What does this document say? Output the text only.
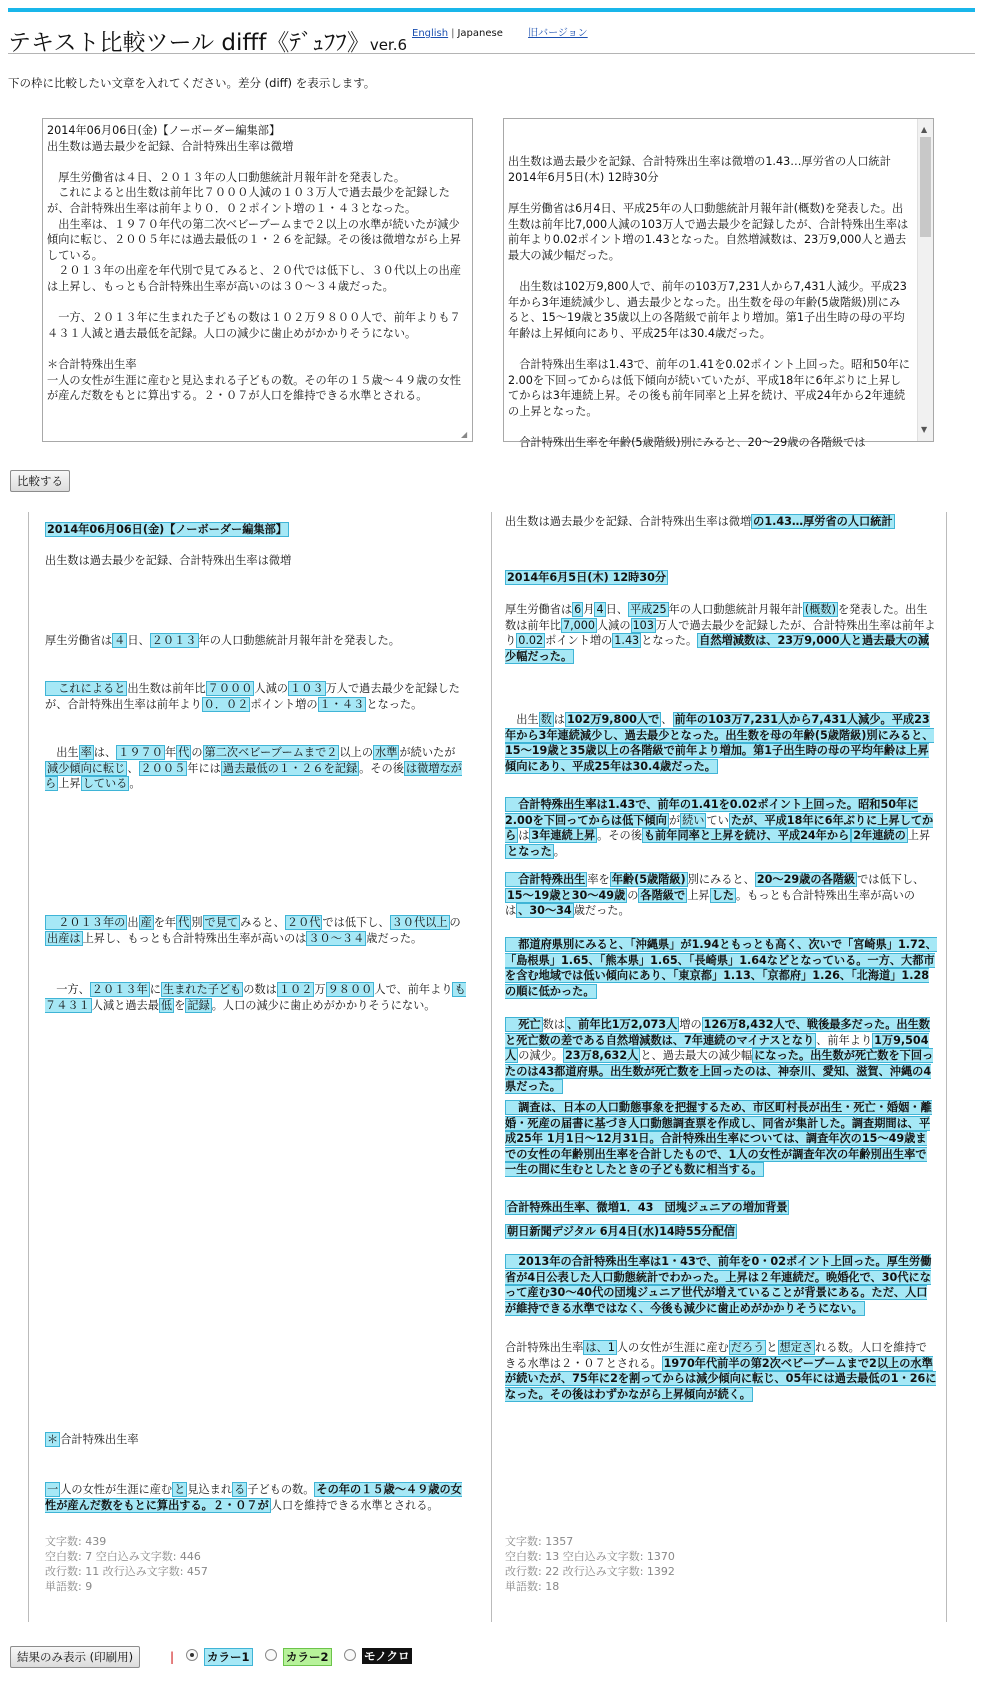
テキスト比較ツール difff《ﾃﾞｭﾌﾌ》ver.6
English | Japanese	旧バージョン
下の枠に比較したい文章を入れてください。差分 (diff) を表示します。
2014年06月06日(金)【ノーボーダー編集部】
出生数は過去最少を記録、合計特殊出生率は微増

　厚生労働省は４日、２０１３年の人口動態統計月報年計を発表した。
　これによると出生数は前年比７０００人減の１０３万人で過去最少を記録したが、合計特殊出生率は前年より０．０２ポイント増の１・４３となった。
　出生率は、１９７０年代の第二次ベビーブームまで２以上の水準が続いたが減少傾向に転じ、２００５年には過去最低の１・２６を記録。その後は微増ながら上昇している。
　２０１３年の出産を年代別で見てみると、２０代では低下し、３０代以上の出産は上昇し、もっとも合計特殊出生率が高いのは３０～３４歳だった。

　一方、２０１３年に生まれた子どもの数は１０２万９８００人で、前年よりも７４３１人減と過去最低を記録。人口の減少に歯止めがかかりそうにない。

＊合計特殊出生率
一人の女性が生涯に産むと見込まれる子どもの数。その年の１５歳～４９歳の女性が産んだ数をもとに算出する。２・０７が人口を維持できる水準とされる。
◢

出生数は過去最少を記録、合計特殊出生率は微増の1.43…厚労省の人口統計
2014年6月5日(木) 12時30分

厚生労働省は6月4日、平成25年の人口動態統計月報年計(概数)を発表した。出生数は前年比7,000人減の103万人で過去最少を記録したが、合計特殊出生率は前年より0.02ポイント増の1.43となった。自然増減数は、23万9,000人と過去最大の減少幅だった。

　出生数は102万9,800人で、前年の103万7,231人から7,431人減少。平成23年から3年連続減少し、過去最少となった。出生数を母の年齢(5歳階級)別にみると、15～19歳と35歳以上の各階級で前年より増加。第1子出生時の母の平均年齢は上昇傾向にあり、平成25年は30.4歳だった。

　合計特殊出生率は1.43で、前年の1.41を0.02ポイント上回った。昭和50年に2.00を下回ってからは低下傾向が続いていたが、平成18年に6年ぶりに上昇してからは3年連続上昇。その後も前年同率と上昇を続け、平成24年から2年連続の上昇となった。

　合計特殊出生率を年齢(5歳階級)別にみると、20～29歳の各階級では

▲

▼

比較する
2014年06月06日(金)【ノーボーダー編集部】
出生数は過去最少を記録、合計特殊出生率は微増
厚生労働省は ４ 日、 ２０１３ 年の人口動態統計月報年計を発表した。
　これによると 出生数は前年比 ７０００ 人減の １０３ 万人で過去最少を記録したが、合計特殊出生率は前年より ０．０２ ポイント増の １・４３ となった。
　出生 率 は、 １９７０ 年 代 の 第二次ベビーブームまで２ 以上の 水準 が続いたが減少傾向に転じ 、 ２００５ 年には 過去最低の１・２６を記録 。その後 は微増ながら 上昇 している 。
　２０１３年の 出 産 を年 代 別 で見て みると、 ２０代 では低下し、 ３０代以上 の出産は 上昇し、もっとも合計特殊出生率が高いのは ３０～３４ 歳だった。
　一方、 ２０１３年 に 生まれた子ども の数は １０２ 万 ９８００ 人で、前年より も７４３１ 人減と過去最 低 を 記録 。人口の減少に歯止めがかかりそうにない。
＊ 合計特殊出生率
一 人の女性が生涯に産む と 見込まれ る 子どもの数。 その年の１５歳～４９歳の女性が産んだ数をもとに算出する。２・０７が 人口を維持できる水準とされる。
文字数: 439
空白数: 7 空白込み文字数: 446
改行数: 11 改行込み文字数: 457
単語数: 9
出生数は過去最少を記録、合計特殊出生率は微増 の1.43…厚労省の人口統計
2014年6月5日(木) 12時30分
厚生労働省は 6 月 4 日、 平成25 年の人口動態統計月報年計 (概数) を発表した。出生数は前年比 7,000 人減の 103 万人で過去最少を記録したが、合計特殊出生率は前年より 0.02 ポイント増の 1.43 となった。 自然増減数は、23万9,000人と過去最大の減少幅だった。
　出生 数 は 102万9,800人で 、 前年の103万7,231人から7,431人減少。平成23年から3年連続減少し、過去最少となった。出生数を母の年齢(5歳階級)別にみると、15～19歳と35歳以上の各階級で前年より増加。第1子出生時の母の平均年齢は上昇傾向にあり、平成25年は30.4歳だった。
　合計特殊出生率は1.43で、前年の1.41を0.02ポイント上回った。昭和50年に2.00を下回ってからは低下傾向 が 続い てい たが、平成18年に6年ぶりに上昇してから は 3年連続上昇 。その後 も前年同率と上昇を続け、平成24年から 2年連続の 上昇となった 。
　合計特殊出生 率を 年齢(5歳階級) 別にみると、 20～29歳の各階級 では低下し、15～19歳と30～49歳 の 各階級で 上昇 した 。もっとも合計特殊出生率が高いのは 、30～34 歳だった。
　都道府県別にみると、「沖縄県」が1.94ともっとも高く、次いで「宮崎県」1.72、「島根県」1.65、「熊本県」1.65、「長崎県」1.64などとなっている。一方、大都市を含む地域では低い傾向にあり、「東京都」1.13、「京都府」1.26、「北海道」1.28の順に低かった。
　死亡 数は 、前年比1万2,073人 増の 126万8,432人で、戦後最多だった。出生数と死亡数の差である自然増減数は、7年連続のマイナスとなり 、前年より 1万9,504人 の減少。 23万8,632人 と、過去最大の減少幅 になった。出生数が死亡数を下回ったのは43都道府県。出生数が死亡数を上回ったのは、神奈川、愛知、滋賀、沖縄の4県だった。
　調査は、日本の人口動態事象を把握するため、市区町村長が出生・死亡・婚姻・離婚・死産の届書に基づき人口動態調査票を作成し、同省が集計した。調査期間は、平成25年 1月1日～12月31日。合計特殊出生率については、調査年次の15～49歳までの女性の年齢別出生率を合計したもので、1人の女性が調査年次の年齢別出生率で一生の間に生むとしたときの子ども数に相当する。
合計特殊出生率、微増1．43　団塊ジュニアの増加背景
朝日新聞デジタル 6月4日(水)14時55分配信
　2013年の合計特殊出生率は1・43で、前年を0・02ポイント上回った。厚生労働省が4日公表した人口動態統計でわかった。上昇は２年連続だ。晩婚化で、30代になって産む30～40代の団塊ジュニア世代が増えていることが背景にある。ただ、人口が維持できる水準ではなく、今後も減少に歯止めがかかりそうにない。
合計特殊出生率 は、1 人の女性が生涯に産む だろう と 想定さ れる数。人口を維持できる水準は２・０７とされる。 1970年代前半の第2次ベビーブームまで2以上の水準が続いたが、75年に2を割ってからは減少傾向に転じ、05年には過去最低の1・26になった。その後はわずかながら上昇傾向が続く。
文字数: 1357
空白数: 13 空白込み文字数: 1370
改行数: 22 改行込み文字数: 1392
単語数: 18
結果のみ表示 (印刷用)	|	カラー1	カラー2	モノクロ
